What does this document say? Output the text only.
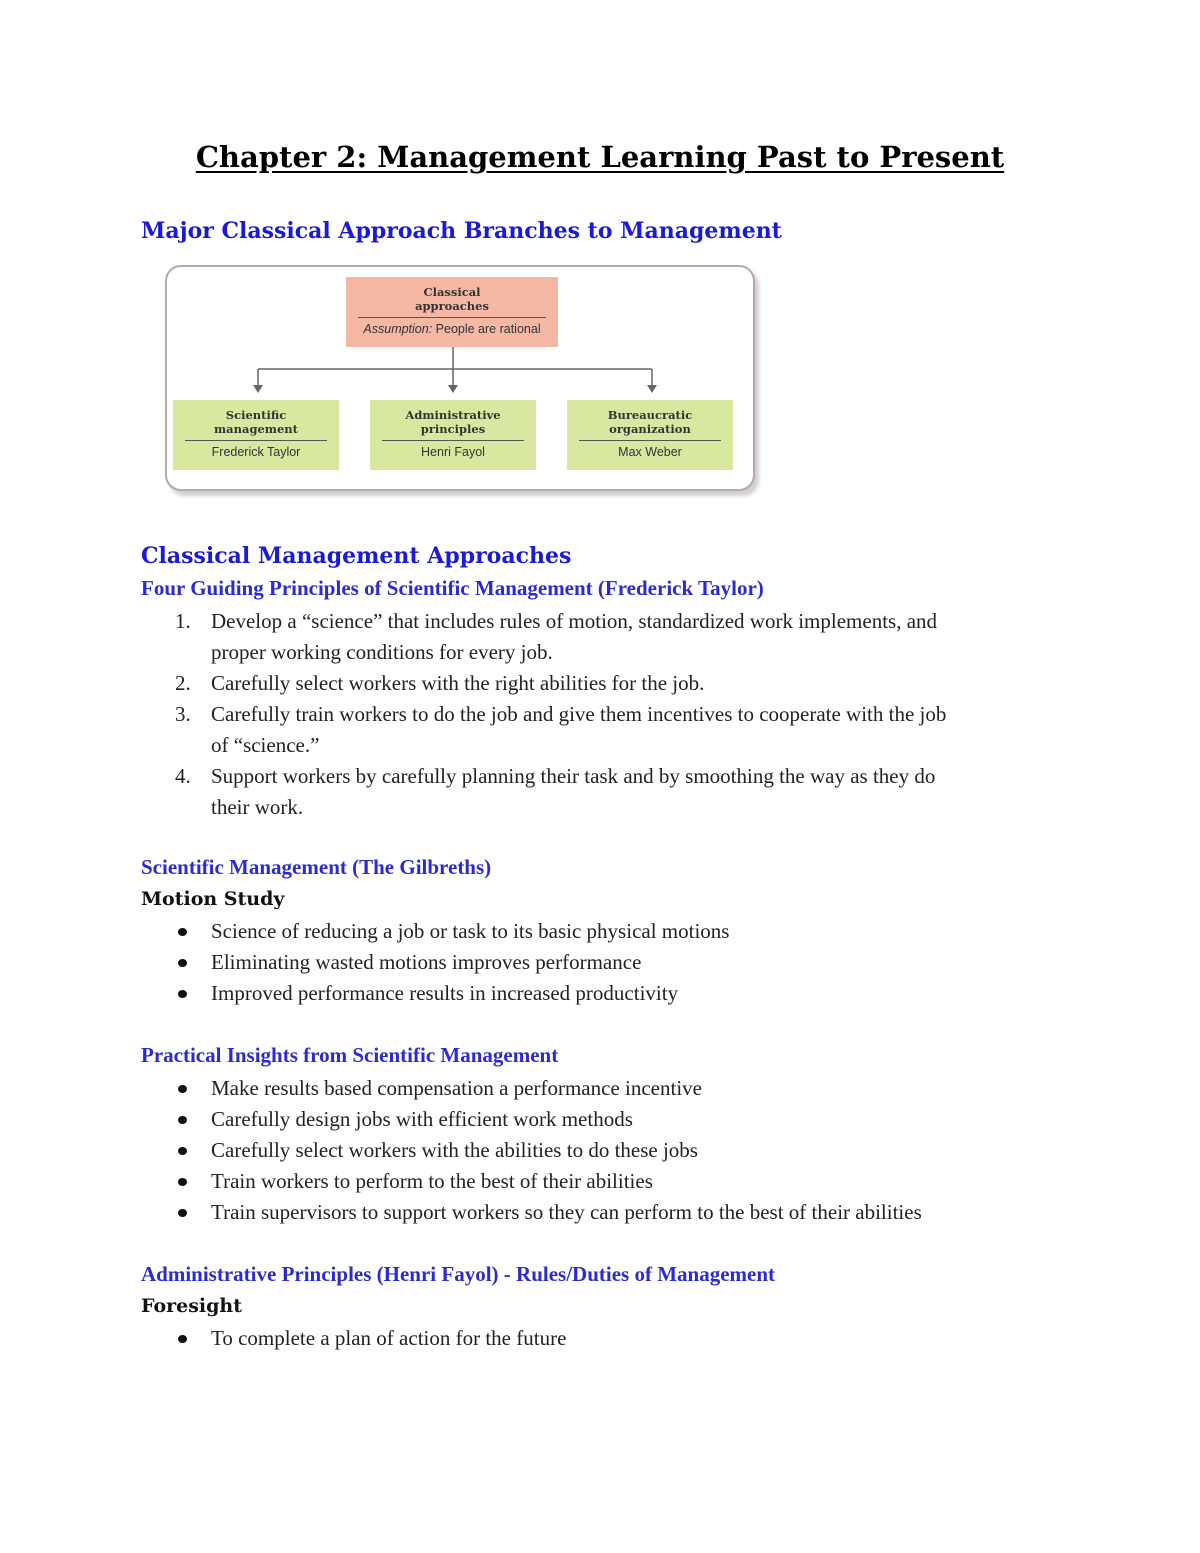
Chapter 2: Management Learning Past to Present
Major Classical Approach Branches to Management
Classical
approaches
Assumption: People are rational
Scientific
management
Frederick Taylor
Administrative
principles
Henri Fayol
Bureaucratic
organization
Max Weber
Classical Management Approaches
Four Guiding Principles of Scientific Management (Frederick Taylor)
1. Develop a “science” that includes rules of motion, standardized work implements, and
proper working conditions for every job.
2. Carefully select workers with the right abilities for the job.
3. Carefully train workers to do the job and give them incentives to cooperate with the job
of “science.”
4. Support workers by carefully planning their task and by smoothing the way as they do
their work.
Scientific Management (The Gilbreths)
Motion Study
Science of reducing a job or task to its basic physical motions
Eliminating wasted motions improves performance
Improved performance results in increased productivity
Practical Insights from Scientific Management
Make results based compensation a performance incentive
Carefully design jobs with efficient work methods
Carefully select workers with the abilities to do these jobs
Train workers to perform to the best of their abilities
Train supervisors to support workers so they can perform to the best of their abilities
Administrative Principles (Henri Fayol) - Rules/Duties of Management
Foresight
To complete a plan of action for the future
